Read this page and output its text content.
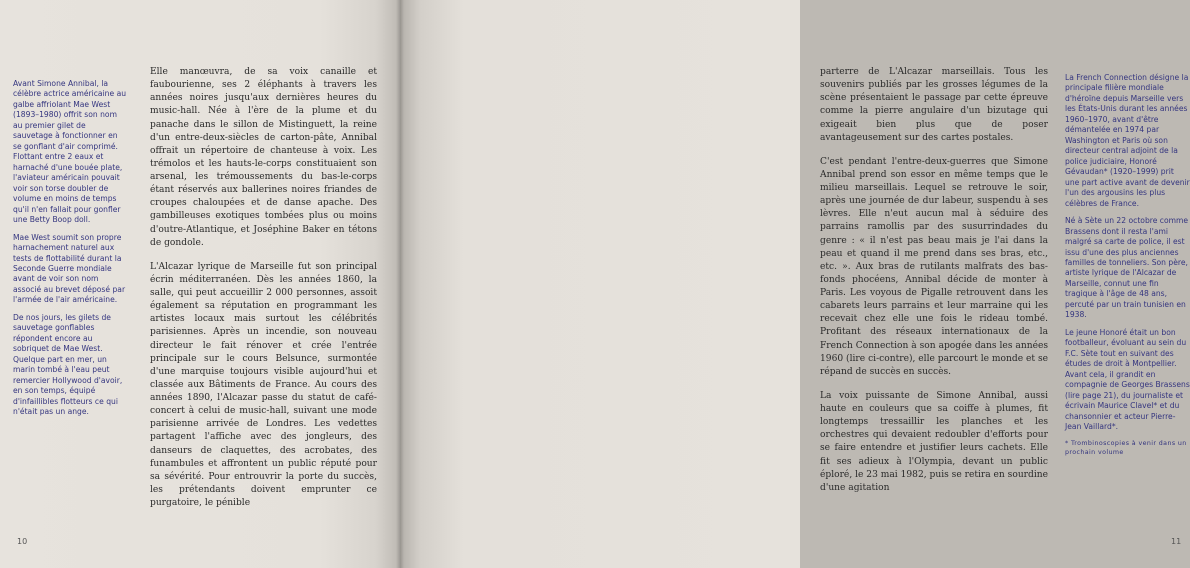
Avant Simone Annibal, la célèbre actrice américaine au galbe affriolant Mae West (1893–1980) offrit son nom au premier gilet de sauvetage à fonctionner en se gonflant d'air comprimé. Flottant entre 2 eaux et harnaché d'une bouée plate, l'aviateur américain pouvait voir son torse doubler de volume en moins de temps qu'il n'en fallait pour gonfler une Betty Boop doll.

Mae West soumit son propre harnachement naturel aux tests de flottabilité durant la Seconde Guerre mondiale avant de voir son nom associé au brevet déposé par l'armée de l'air américaine.

De nos jours, les gilets de sauvetage gonflables répondent encore au sobriquet de Mae West. Quelque part en mer, un marin tombé à l'eau peut remercier Hollywood d'avoir, en son temps, équipé d'infaillibles flotteurs ce qui n'était pas un ange.

Elle manœuvra, de sa voix canaille et faubourienne, ses 2 éléphants à travers les années noires jusqu'aux dernières heures du music-hall. Née à l'ère de la plume et du panache dans le sillon de Mistinguett, la reine d'un entre-deux-siècles de carton-pâte, Annibal offrait un répertoire de chanteuse à voix. Les trémolos et les hauts-le-corps constituaient son arsenal, les trémoussements du bas-le-corps étant réservés aux ballerines noires friandes de croupes chaloupées et de danse apache. Des gambilleuses exotiques tombées plus ou moins d'outre-Atlantique, et Joséphine Baker en tétons de gondole.

L'Alcazar lyrique de Marseille fut son principal écrin méditerranéen. Dès les années 1860, la salle, qui peut accueillir 2 000 personnes, assoit également sa réputation en programmant les artistes locaux mais surtout les célébrités parisiennes. Après un incendie, son nouveau directeur le fait rénover et crée l'entrée principale sur le cours Belsunce, surmontée d'une marquise toujours visible aujourd'hui et classée aux Bâtiments de France. Au cours des années 1890, l'Alcazar passe du statut de café-concert à celui de music-hall, suivant une mode parisienne arrivée de Londres. Les vedettes partagent l'affiche avec des jongleurs, des danseurs de claquettes, des acrobates, des funambules et affrontent un public réputé pour sa sévérité. Pour entrouvrir la porte du succès, les prétendants doivent emprunter ce purgatoire, le pénible

10

parterre de L'Alcazar marseillais. Tous les souvenirs publiés par les grosses légumes de la scène présentaient le passage par cette épreuve comme la pierre angulaire d'un bizutage qui exigeait bien plus que de poser avantageusement sur des cartes postales.

C'est pendant l'entre-deux-guerres que Simone Annibal prend son essor en même temps que le milieu marseillais. Lequel se retrouve le soir, après une journée de dur labeur, suspendu à ses lèvres. Elle n'eut aucun mal à séduire des parrains ramollis par des susurrindades du genre : « il n'est pas beau mais je l'ai dans la peau et quand il me prend dans ses bras, etc., etc. ». Aux bras de rutilants malfrats des bas-fonds phocéens, Annibal décide de monter à Paris. Les voyous de Pigalle retrouvent dans les cabarets leurs parrains et leur marraine qui les recevait chez elle une fois le rideau tombé. Profitant des réseaux internationaux de la French Connection à son apogée dans les années 1960 (lire ci-contre), elle parcourt le monde et se répand de succès en succès.

La voix puissante de Simone Annibal, aussi haute en couleurs que sa coiffe à plumes, fit longtemps tressaillir les planches et les orchestres qui devaient redoubler d'efforts pour se faire entendre et justifier leurs cachets. Elle fit ses adieux à l'Olympia, devant un public éploré, le 23 mai 1982, puis se retira en sourdine d'une agitation

La French Connection désigne la principale filière mondiale d'héroïne depuis Marseille vers les États-Unis durant les années 1960–1970, avant d'être démantelée en 1974 par Washington et Paris où son directeur central adjoint de la police judiciaire, Honoré Gévaudan* (1920–1999) prit une part active avant de devenir l'un des argousins les plus célèbres de France.

Né à Sète un 22 octobre comme Brassens dont il resta l'ami malgré sa carte de police, il est issu d'une des plus anciennes familles de tonneliers. Son père, artiste lyrique de l'Alcazar de Marseille, connut une fin tragique à l'âge de 48 ans, percuté par un train tunisien en 1938.

Le jeune Honoré était un bon footballeur, évoluant au sein du F.C. Sète tout en suivant des études de droit à Montpellier. Avant cela, il grandit en compagnie de Georges Brassens (lire page 21), du journaliste et écrivain Maurice Clavel* et du chansonnier et acteur Pierre-Jean Vaillard*.

* Trombinoscopies à venir dans un prochain volume
11
